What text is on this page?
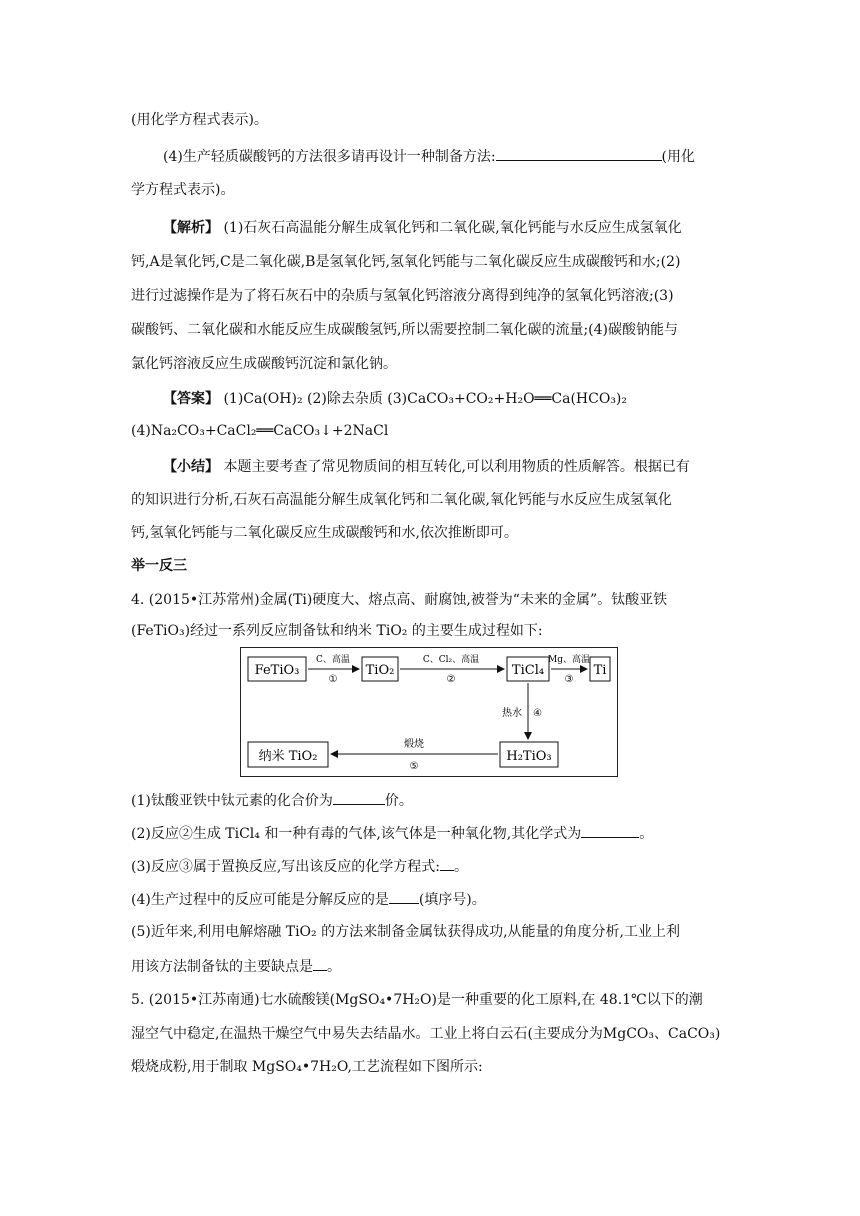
(用化学方程式表示)。
(4)生产轻质碳酸钙的方法很多请再设计一种制备方法:	(用化
学方程式表示)。
【解析】 (1)石灰石高温能分解生成氧化钙和二氧化碳,氧化钙能与水反应生成氢氧化
钙,A是氧化钙,C是二氧化碳,B是氢氧化钙,氢氧化钙能与二氧化碳反应生成碳酸钙和水;(2)
进行过滤操作是为了将石灰石中的杂质与氢氧化钙溶液分离得到纯净的氢氧化钙溶液;(3)
碳酸钙、二氧化碳和水能反应生成碳酸氢钙,所以需要控制二氧化碳的流量;(4)碳酸钠能与
氯化钙溶液反应生成碳酸钙沉淀和氯化钠。
【答案】 (1)Ca(OH)₂ (2)除去杂质 (3)CaCO₃+CO₂+H₂O══Ca(HCO₃)₂
(4)Na₂CO₃+CaCl₂══CaCO₃↓+2NaCl
【小结】 本题主要考查了常见物质间的相互转化,可以利用物质的性质解答。根据已有
的知识进行分析,石灰石高温能分解生成氧化钙和二氧化碳,氧化钙能与水反应生成氢氧化
钙,氢氧化钙能与二氧化碳反应生成碳酸钙和水,依次推断即可。
举一反三
4. (2015•江苏常州)金属(Ti)硬度大、熔点高、耐腐蚀,被誉为“未来的金属”。钛酸亚铁
(FeTiO₃)经过一系列反应制备钛和纳米 TiO₂ 的主要生成过程如下:
FeTiO₃	TiO₂	TiCl₄	Ti
H₂TiO₃
纳米 TiO₂
C、高温
①
C、Cl₂、高温
②
Mg、高温
③
热水 ④
煅烧
⑤
(1)钛酸亚铁中钛元素的化合价为	价。
(2)反应②生成 TiCl₄ 和一种有毒的气体,该气体是一种氧化物,其化学式为	。
(3)反应③属于置换反应,写出该反应的化学方程式: 。
(4)生产过程中的反应可能是分解反应的是 (填序号)。
(5)近年来,利用电解熔融 TiO₂ 的方法来制备金属钛获得成功,从能量的角度分析,工业上利
用该方法制备钛的主要缺点是 。
5. (2015•江苏南通)七水硫酸镁(MgSO₄•7H₂O)是一种重要的化工原料,在 48.1℃以下的潮
湿空气中稳定,在温热干燥空气中易失去结晶水。工业上将白云石(主要成分为MgCO₃、CaCO₃)
煅烧成粉,用于制取 MgSO₄•7H₂O,工艺流程如下图所示:
